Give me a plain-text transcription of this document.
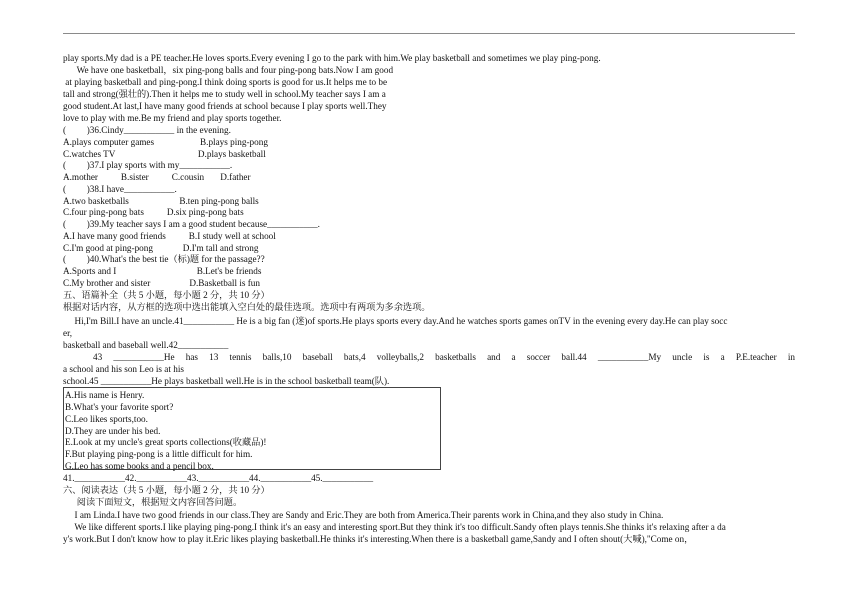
play sports.My dad is a PE teacher.He loves sports.Every evening I go to the park with him.We play basketball and sometimes we play ping-pong.
We have one basketball，six ping-pong balls and four ping-pong bats.Now I am good
at playing basketball and ping-pong.I think doing sports is good for us.It helps me to be
tall and strong(强壮的).Then it helps me to study well in school.My teacher says I am a
good student.At last,I have many good friends at school because I play sports well.They
love to play with me.Be my friend and play sports together.
(         )36.Cindy___________ in the evening.
A.plays computer games                    B.plays ping-pong
C.watches TV                                    D.plays basketball
(         )37.I play sports with my___________.
A.mother          B.sister          C.cousin       D.father
(         )38.I have___________.
A.two basketballs                      B.ten ping-pong balls
C.four ping-pong bats          D.six ping-pong bats
(         )39.My teacher says I am a good student because___________.
A.I have many good friends          B.I study well at school
C.I'm good at ping-pong             D.I'm tall and strong
(         )40.What's the best tie（标)题 for the passage??
A.Sports and I                                   B.Let's be friends
C.My brother and sister                 D.Basketball is fun
五、语篇补全（共 5 小题，每小题 2 分，共 10 分）
根据对话内容，从方框的选项中选出能填入空白处的最佳选项。选项中有两项为多余选项。
Hi,I'm Bill.I have an uncle.41___________ He is a big fan (迷)of sports.He plays sports every day.And he watches sports games onTV in the evening every day.He can play socc
er,
basketball and baseball well.42___________
43 ___________He has 13 tennis balls,10 baseball bats,4 volleyballs,2 basketballs and a soccer ball.44 ___________My uncle is a P.E.teacher in
a school and his son Leo is at his
school.45 ___________He plays basketball well.He is in the school basketball team(队).
A.His name is Henry.
B.What's your favorite sport?
C.Leo likes sports,too.
D.They are under his bed.
E.Look at my uncle's great sports collections(收藏品)!
F.But playing ping-pong is a little difficult for him.
G.Leo has some books and a pencil box.
41.___________42.___________43.___________44.___________45.___________
六、阅读表达（共 5 小题，每小题 2 分，共 10 分）
阅读下面短文，根据短文内容回答问题。
I am Linda.I have two good friends in our class.They are Sandy and Eric.They are both from America.Their parents work in China,and they also study in China.
We like different sports.I like playing ping-pong.I think it's an easy and interesting sport.But they think it's too difficult.Sandy often plays tennis.She thinks it's relaxing after a da
y's work.But I don't know how to play it.Eric likes playing basketball.He thinks it's interesting.When there is a basketball game,Sandy and I often shout(大喊),"Come on，
